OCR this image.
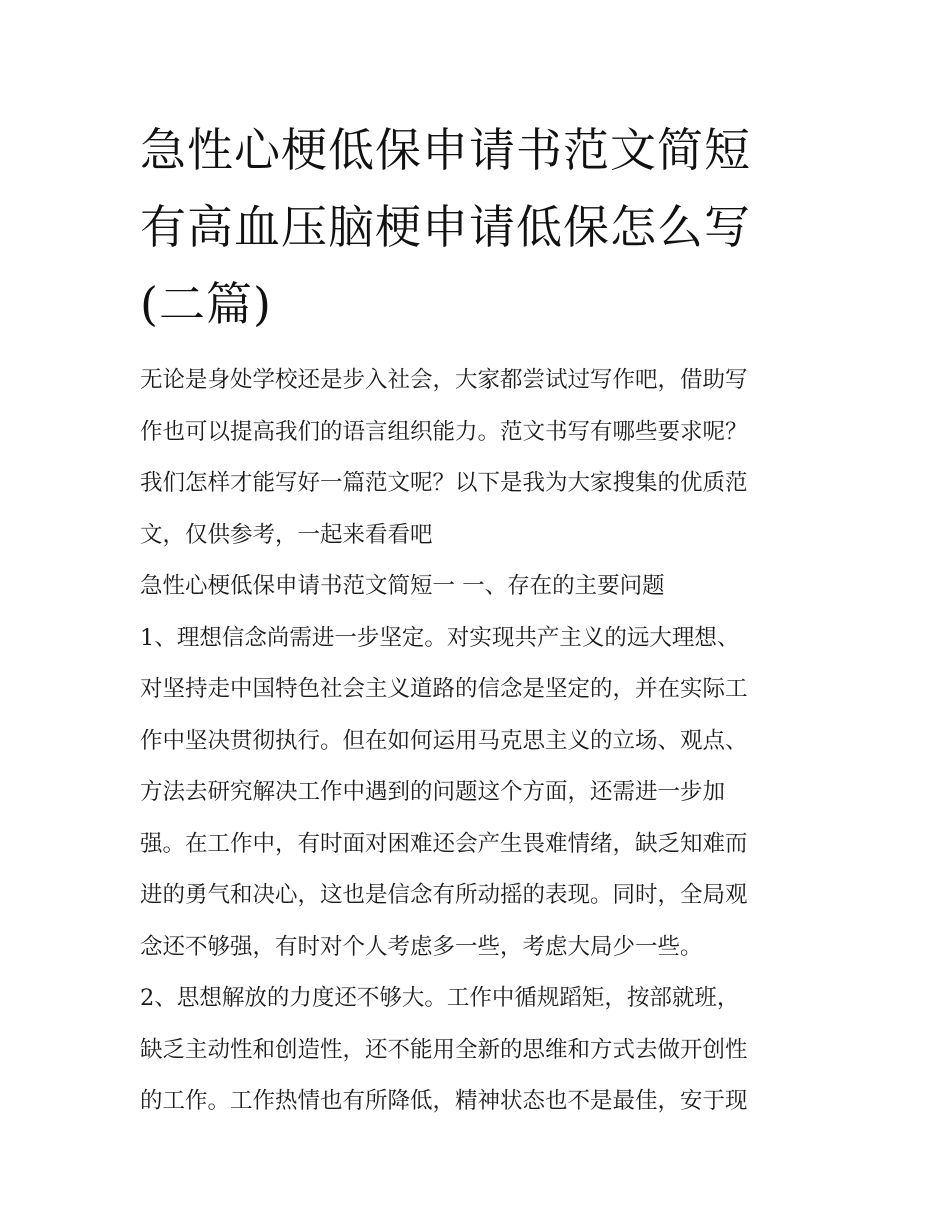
急性心梗低保申请书范文简短
有高血压脑梗申请低保怎么写
(二篇)

无论是身处学校还是步入社会，大家都尝试过写作吧，借助写

作也可以提高我们的语言组织能力。范文书写有哪些要求呢？

我们怎样才能写好一篇范文呢？以下是我为大家搜集的优质范

文，仅供参考，一起来看看吧

急性心梗低保申请书范文简短一 一、存在的主要问题

1、理想信念尚需进一步坚定。对实现共产主义的远大理想、

对坚持走中国特色社会主义道路的信念是坚定的，并在实际工

作中坚决贯彻执行。但在如何运用马克思主义的立场、观点、

方法去研究解决工作中遇到的问题这个方面，还需进一步加

强。在工作中，有时面对困难还会产生畏难情绪，缺乏知难而

进的勇气和决心，这也是信念有所动摇的表现。同时，全局观

念还不够强，有时对个人考虑多一些，考虑大局少一些。

2、思想解放的力度还不够大。工作中循规蹈矩，按部就班，

缺乏主动性和创造性，还不能用全新的思维和方式去做开创性

的工作。工作热情也有所降低，精神状态也不是最佳，安于现
